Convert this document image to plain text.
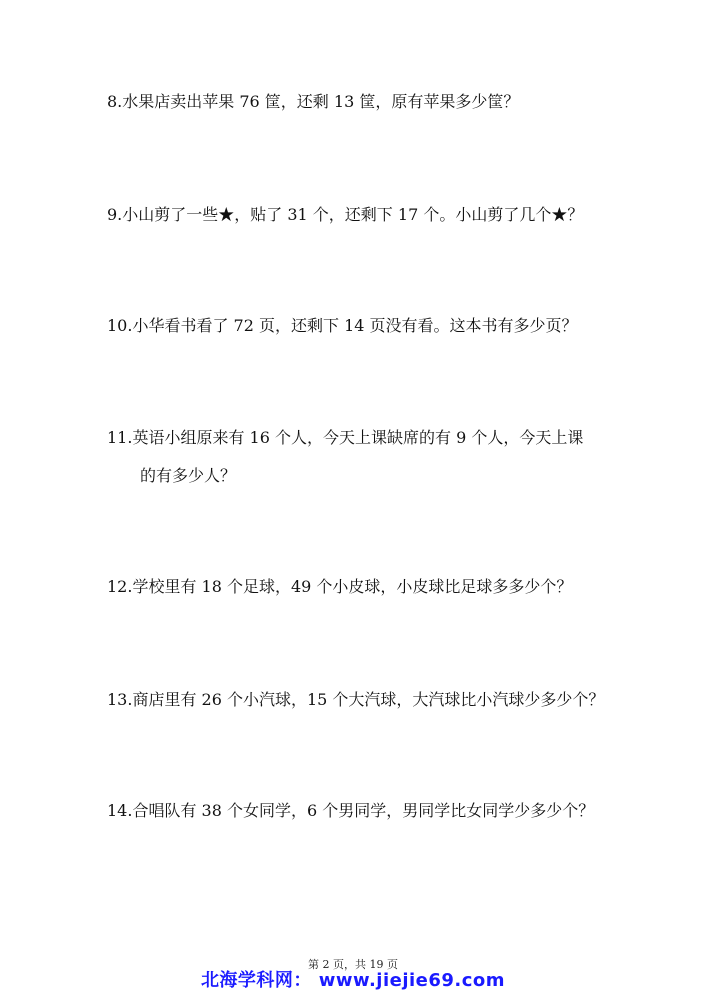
8.水果店卖出苹果 76 筐，还剩 13 筐，原有苹果多少筐？

9.小山剪了一些★，贴了 31 个，还剩下 17 个。小山剪了几个★？

10.小华看书看了 72 页，还剩下 14 页没有看。这本书有多少页？

11.英语小组原来有 16 个人，今天上课缺席的有 9 个人，今天上课

的有多少人？

12.学校里有 18 个足球，49 个小皮球，小皮球比足球多多少个？

13.商店里有 26 个小汽球，15 个大汽球，大汽球比小汽球少多少个？

14.合唱队有 38 个女同学，6 个男同学，男同学比女同学少多少个？

第 2 页，共 19 页
北海学科网： www.jiejie69.com
